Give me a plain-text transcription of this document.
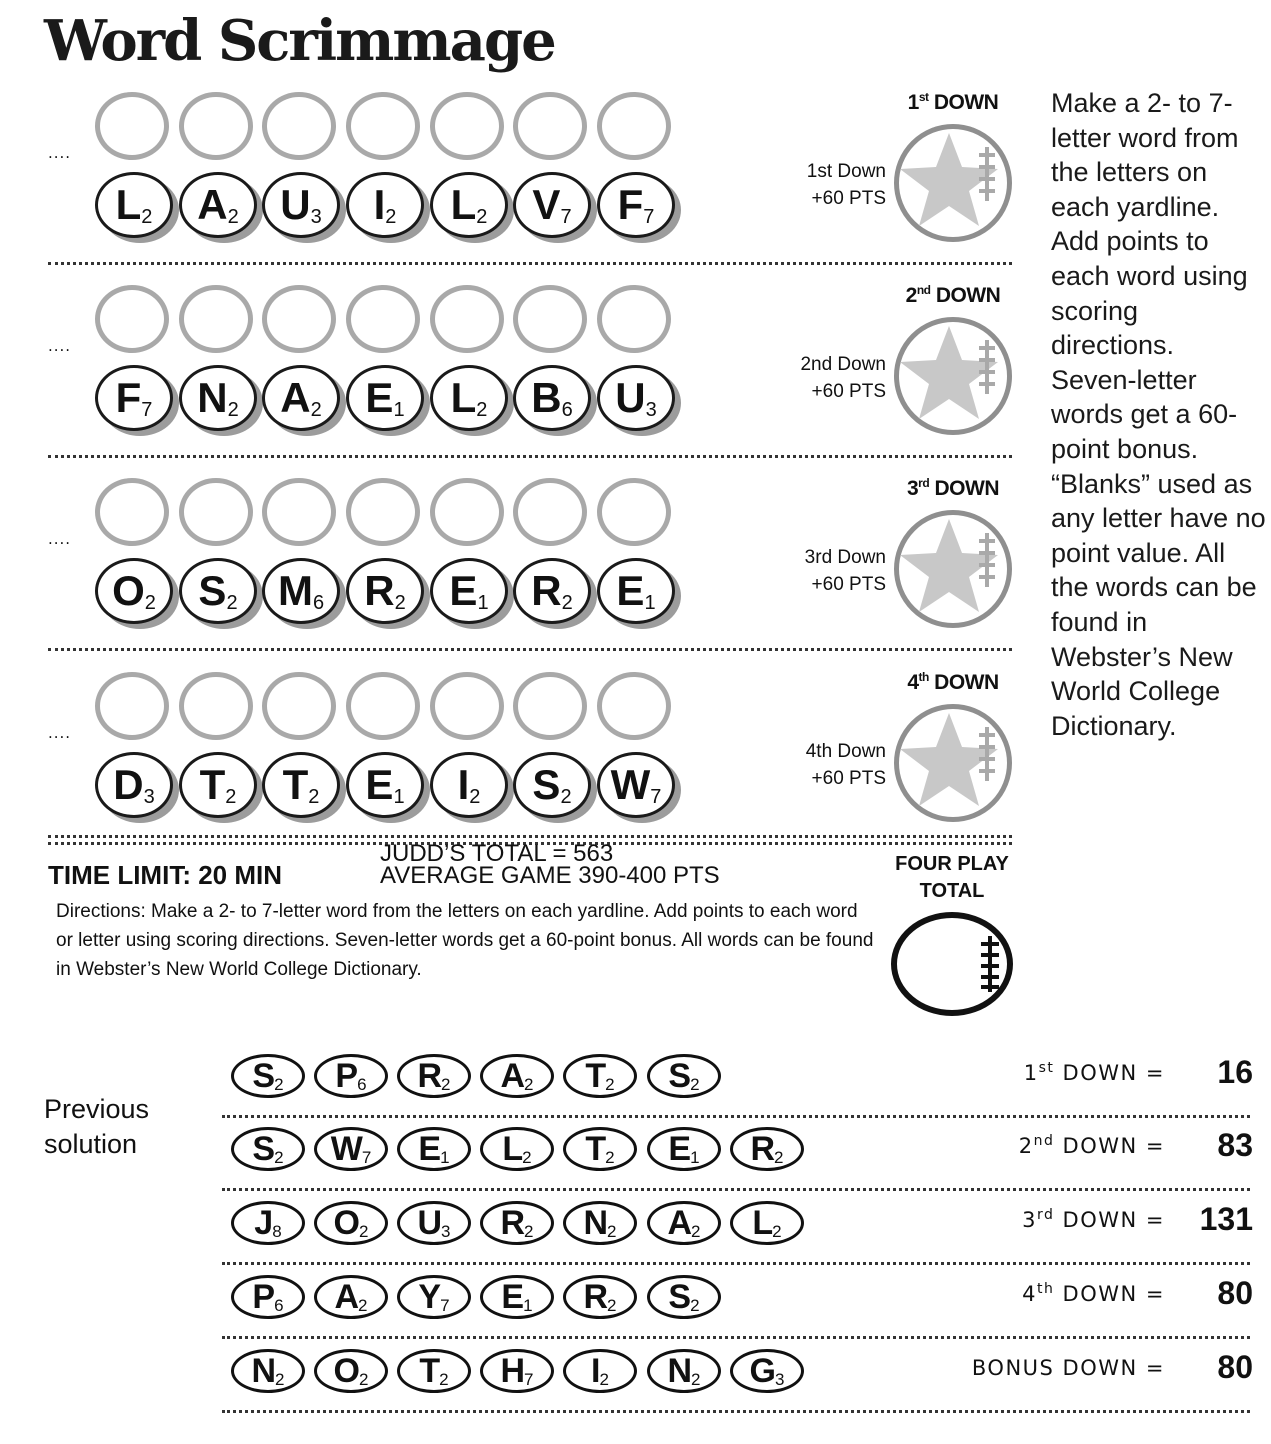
Word Scrimmage
Make a 2- to 7-letter word from the letters on each yardline. Add points to each word using scoring directions. Seven-letter words get a 60-point bonus. “Blanks” used as any letter have no point value. All the words can be found in Webster’s New World College Dictionary.
....
L 2 A 2 U 3 I 2 L 2 V 7 F 7
1st DOWN
1st Down
+60 PTS
....
F 7 N 2 A 2 E 1 L 2 B 6 U 3
2nd DOWN
2nd Down
+60 PTS
....
O 2 S 2 M 6 R 2 E 1 R 2 E 1
3rd DOWN
3rd Down
+60 PTS
....
D 3 T 2 T 2 E 1 I 2 S 2 W 7
4th DOWN
4th Down
+60 PTS
TIME LIMIT: 20 MIN
JUDD’S TOTAL = 563
AVERAGE GAME 390-400 PTS
Directions: Make a 2- to 7-letter word from the letters on each yardline. Add points to each word or letter using scoring directions. Seven-letter words get a 60-point bonus. All words can be found in Webster’s New World College Dictionary.
FOUR PLAY
TOTAL
Previous
solution
S 2 P 6 R 2 A 2 T 2 S 2	1st DOWN =	16
S 2 W 7 E 1 L 2 T 2 E 1 R 2	2nd DOWN =	83
J 8 O 2 U 3 R 2 N 2 A 2 L 2	3rd DOWN =	131
P 6 A 2 Y 7 E 1 R 2 S 2	4th DOWN =	80
N 2 O 2 T 2 H 7 I 2 N 2 G 3	BONUS DOWN =	80
